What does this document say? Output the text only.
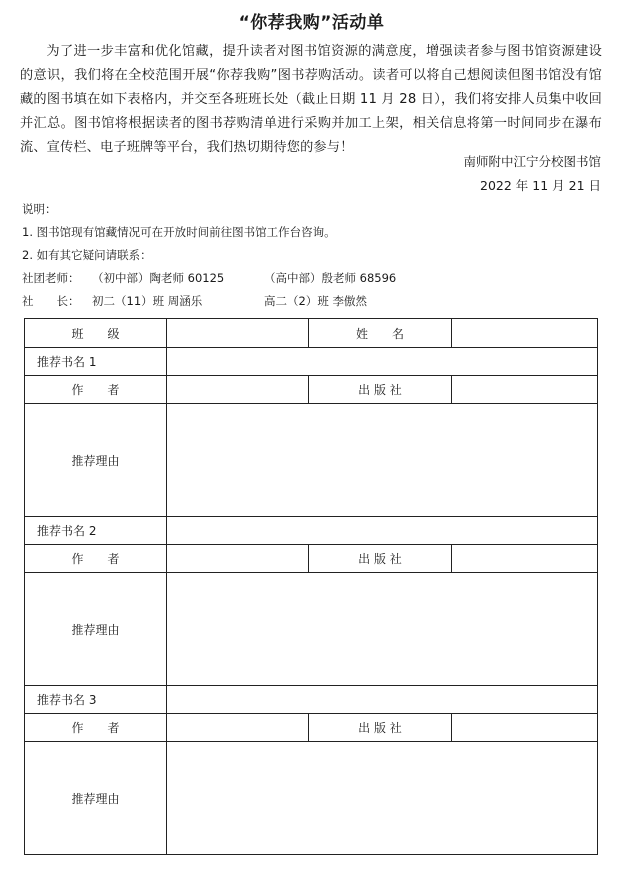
“你荐我购”活动单

为了进一步丰富和优化馆藏，提升读者对图书馆资源的满意度，增强读者参与图书馆资源建设的意识，我们将在全校范围开展“你荐我购”图书荐购活动。读者可以将自己想阅读但图书馆没有馆藏的图书填在如下表格内，并交至各班班长处（截止日期 11 月 28 日），我们将安排人员集中收回并汇总。图书馆将根据读者的图书荐购清单进行采购并加工上架，相关信息将第一时间同步在瀑布流、宣传栏、电子班牌等平台，我们热切期待您的参与！

南师附中江宁分校图书馆
2022 年 11 月 21 日
说明：
1. 图书馆现有馆藏情况可在开放时间前往图书馆工作台咨询。
2. 如有其它疑问请联系：
社团老师： （初中部）陶老师 60125	（高中部）殷老师 68596
社　　长： 初二（11）班 周涵乐	高二（2）班 李傲然
班　　级		姓　　名	
推荐书名 1			
作　　者		出 版 社	
推荐理由			
推荐书名 2			
作　　者		出 版 社	
推荐理由			
推荐书名 3			
作　　者		出 版 社	
推荐理由			
